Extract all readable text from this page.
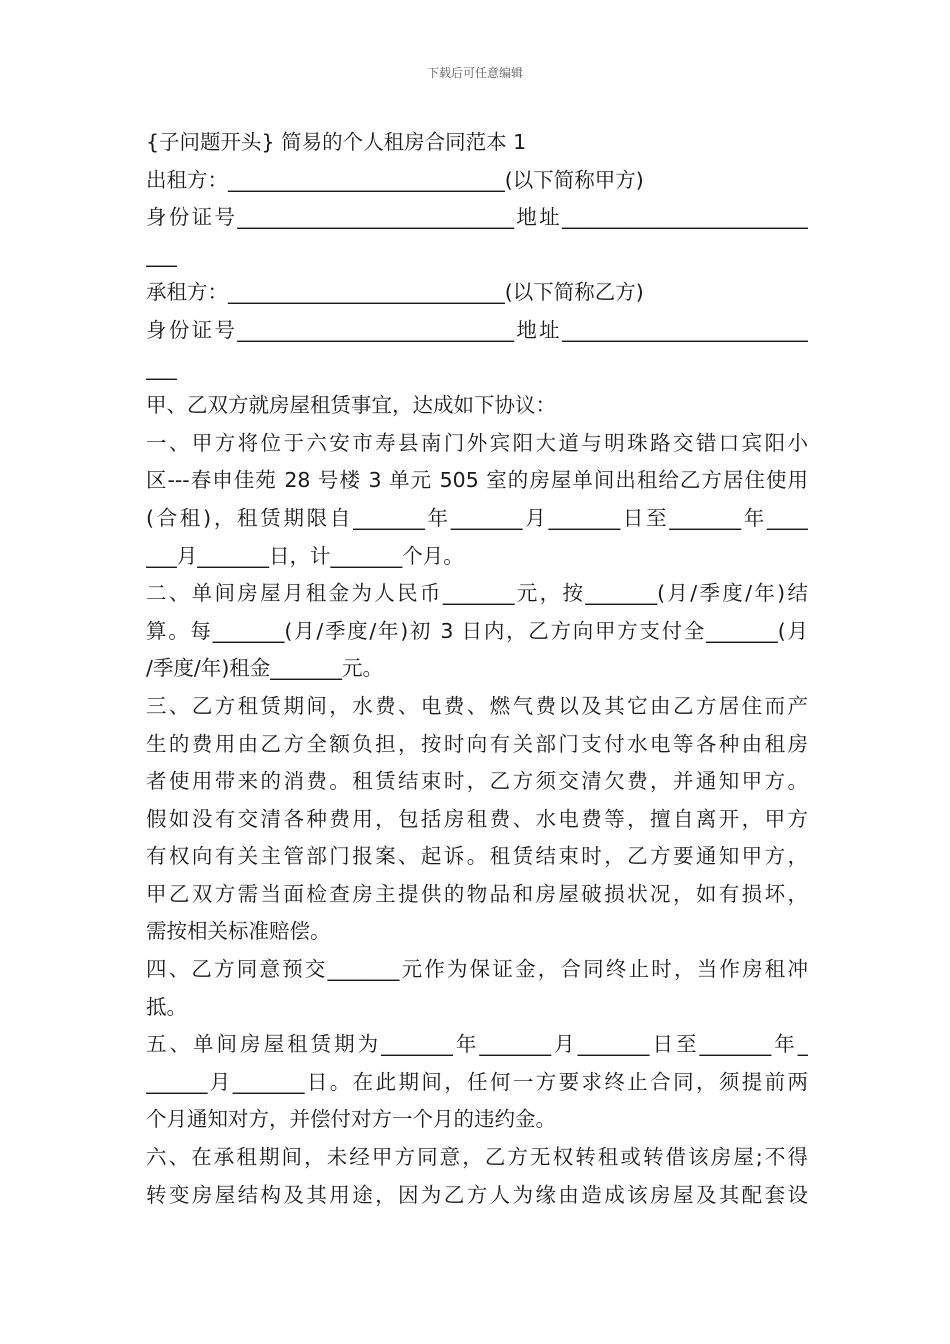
下载后可任意编辑
{子问题开头} 简易的个人租房合同范本 1
出租方：___________________________(以下简称甲方)
身份证号___________________________地址________________________
___
承租方：___________________________(以下简称乙方)
身份证号___________________________地址________________________
___
甲、乙双方就房屋租赁事宜，达成如下协议：
一、甲方将位于六安市寿县南门外宾阳大道与明珠路交错口宾阳小
区---春申佳苑 28 号楼 3 单元 505 室的房屋单间出租给乙方居住使用
(合租)，租赁期限自_______年_______月_______日至_______年____
___月_______日，计_______个月。
二、单间房屋月租金为人民币_______元，按_______(月/季度/年)结
算。每_______(月/季度/年)初 3 日内，乙方向甲方支付全_______(月
/季度/年)租金_______元。
三、乙方租赁期间，水费、电费、燃气费以及其它由乙方居住而产
生的费用由乙方全额负担，按时向有关部门支付水电等各种由租房
者使用带来的消费。租赁结束时，乙方须交清欠费，并通知甲方。
假如没有交清各种费用，包括房租费、水电费等，擅自离开，甲方
有权向有关主管部门报案、起诉。租赁结束时，乙方要通知甲方，
甲乙双方需当面检查房主提供的物品和房屋破损状况，如有损坏，
需按相关标准赔偿。
四、乙方同意预交_______元作为保证金，合同终止时，当作房租冲
抵。
五、单间房屋租赁期为_______年_______月_______日至_______年_
______月_______日。在此期间，任何一方要求终止合同，须提前两
个月通知对方，并偿付对方一个月的违约金。
六、在承租期间，未经甲方同意，乙方无权转租或转借该房屋;不得
转变房屋结构及其用途，因为乙方人为缘由造成该房屋及其配套设
